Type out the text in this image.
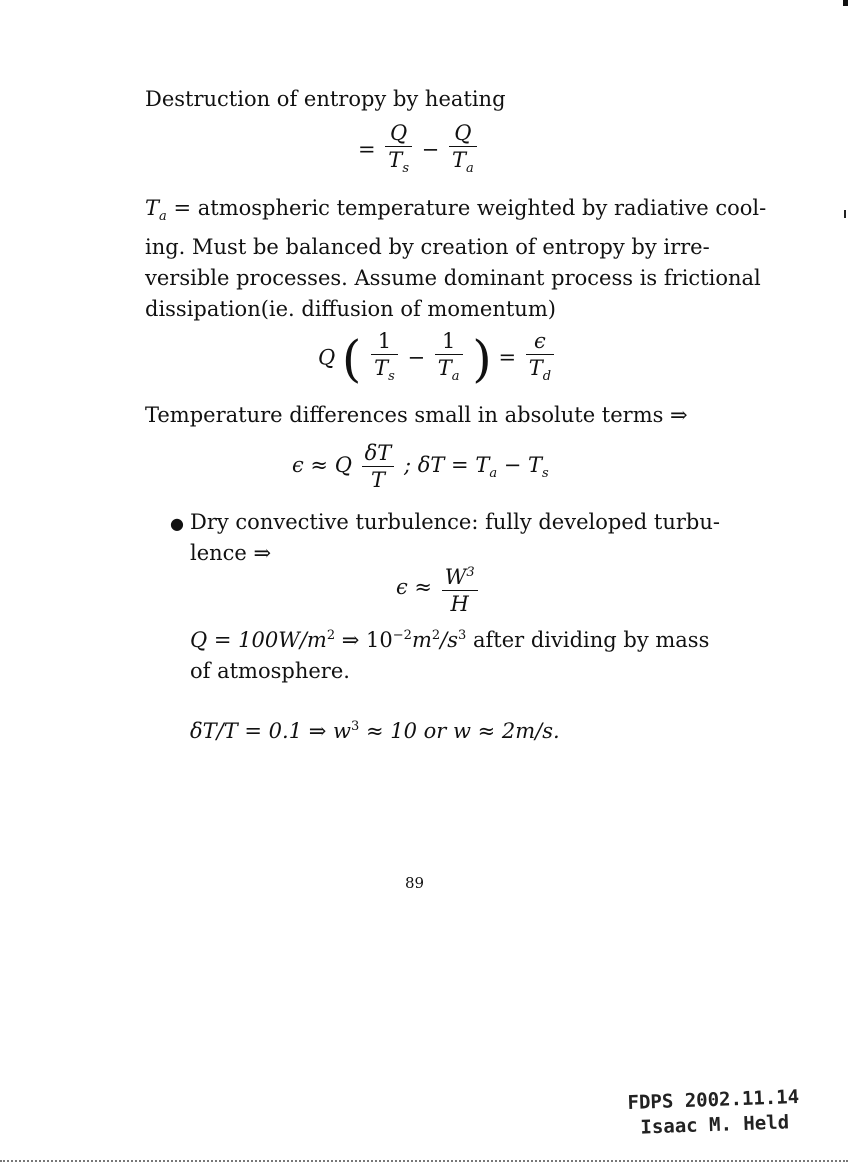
Destruction of entropy by heating
= $\frac{Q}{T_s} - \frac{Q}{T_a}$
$T_a$ = atmospheric temperature weighted by radiative cool-
ing. Must be balanced by creation of entropy by irre-
versible processes. Assume dominant process is frictional
dissipation(ie. diffusion of momentum)
Q ( $\frac{1}{T_s} - \frac{1}{T_a}$ ) = $\frac{\epsilon}{T_d}$
Temperature differences small in absolute terms ⇒
ϵ ≈ Q $\frac{\delta T}{T}$ ; $\delta T = T_a - T_s$
● Dry convective turbulence: fully developed turbu-
lence ⇒
$\epsilon \approx \frac{W^3}{H}$
$Q = 100W/m^2$ ⇒ $10^{-2}m^2/s^3$ after dividing by mass
of atmosphere.
δT/T = 0.1 ⇒ $w^3 \approx 10$ or w ≈ 2m/s.
89
FDPS 2002.11.14
Isaac M. Held
